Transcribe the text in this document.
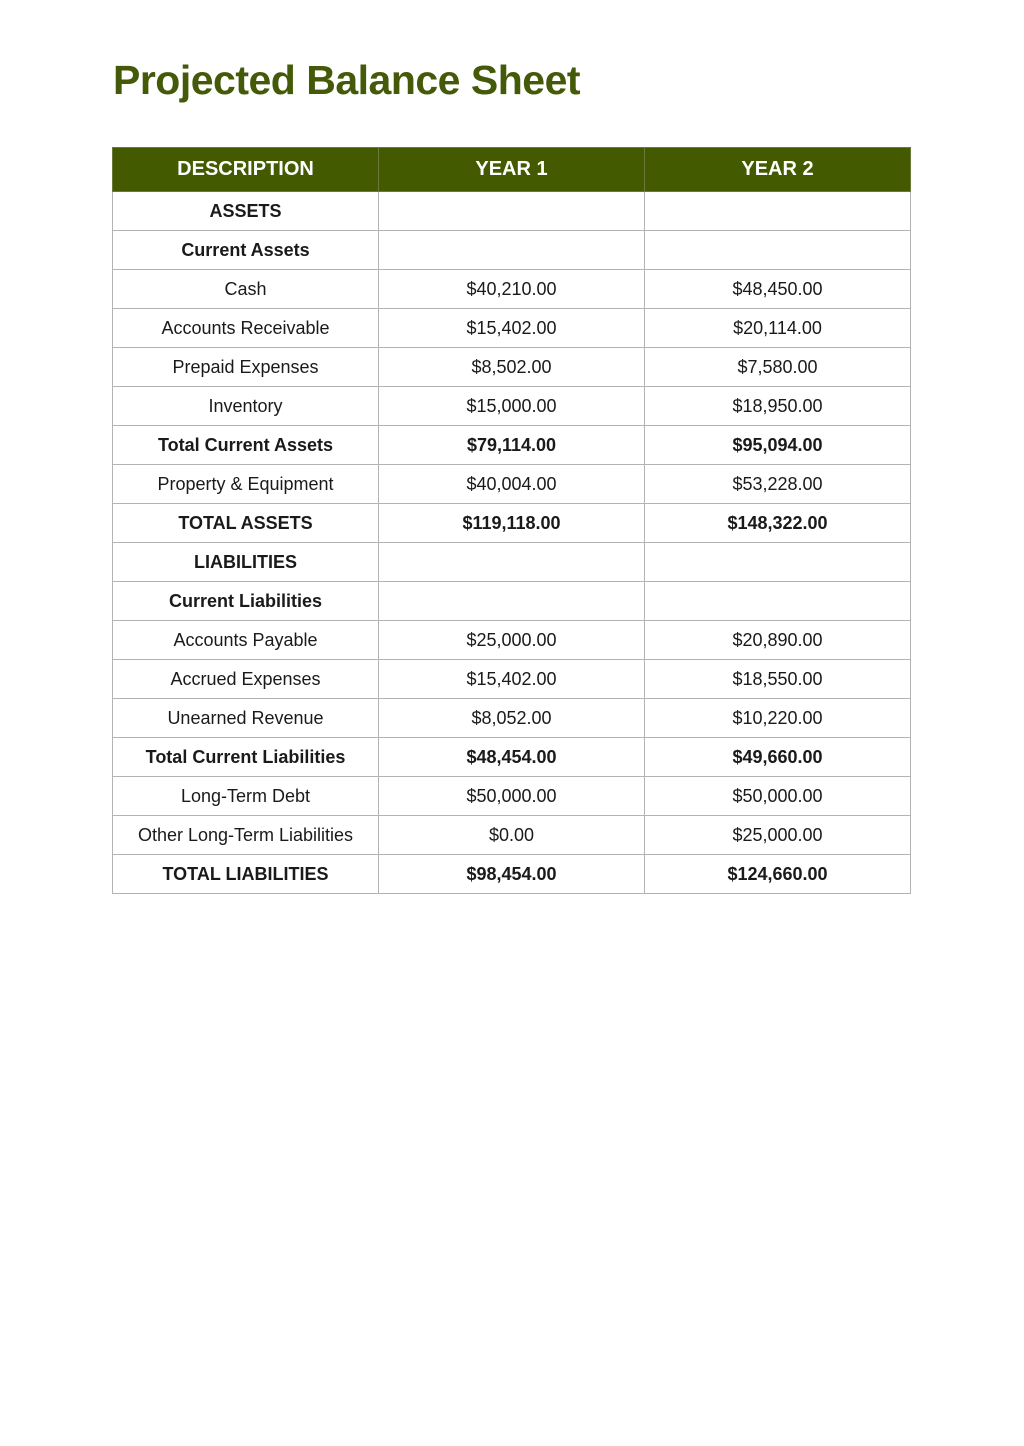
Projected Balance Sheet
DESCRIPTION	YEAR 1	YEAR 2
ASSETS		
Current Assets		
Cash	$40,210.00	$48,450.00
Accounts Receivable	$15,402.00	$20,114.00
Prepaid Expenses	$8,502.00	$7,580.00
Inventory	$15,000.00	$18,950.00
Total Current Assets	$79,114.00	$95,094.00
Property & Equipment	$40,004.00	$53,228.00
TOTAL ASSETS	$119,118.00	$148,322.00
LIABILITIES		
Current Liabilities		
Accounts Payable	$25,000.00	$20,890.00
Accrued Expenses	$15,402.00	$18,550.00
Unearned Revenue	$8,052.00	$10,220.00
Total Current Liabilities	$48,454.00	$49,660.00
Long-Term Debt	$50,000.00	$50,000.00
Other Long-Term Liabilities	$0.00	$25,000.00
TOTAL LIABILITIES	$98,454.00	$124,660.00
